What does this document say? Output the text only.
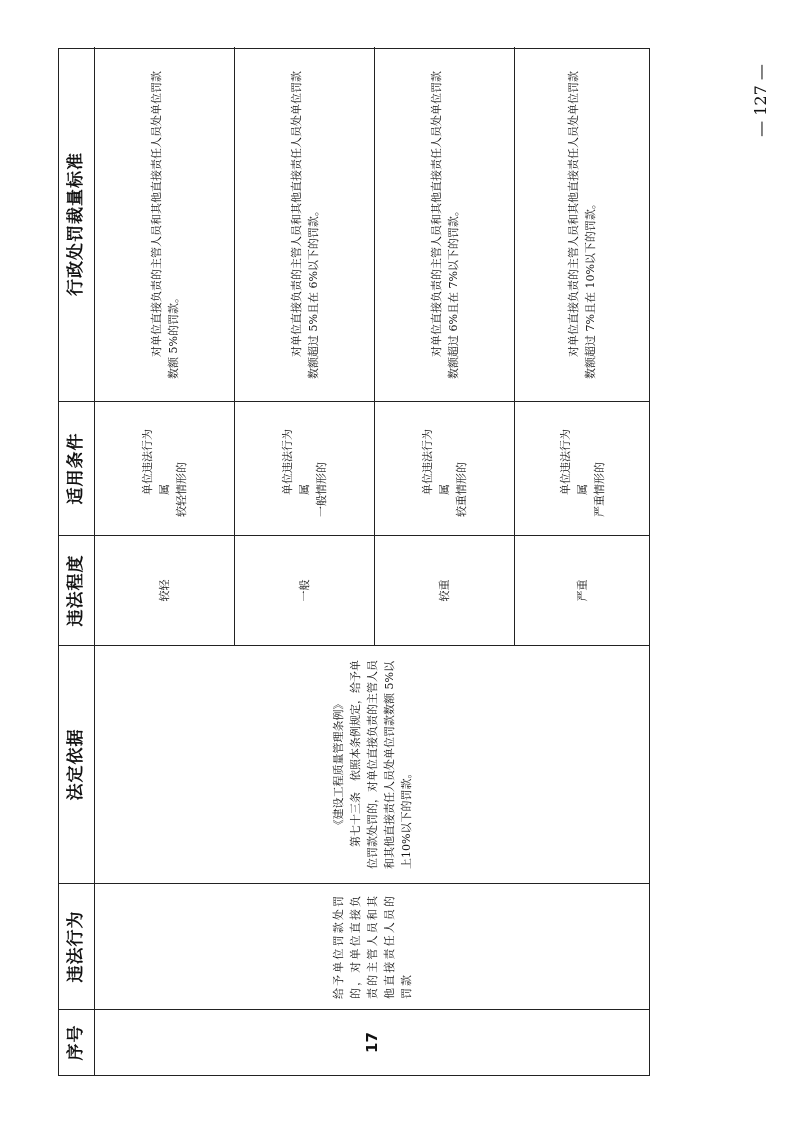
— 127 —
序号
违法行为
法定依据
违法程度
适用条件
行政处罚裁量标准
17
给予单位罚款处罚的，对单位直接负责的主管人员和其他直接责任人员的罚款

《建设工程质量管理条例》 第七十三条　依照本条例规定，给予单位罚款处罚的，对单位直接负责的主管人员和其他直接责任人员处单位罚款数额 5%以上10%以下的罚款。

较轻
单位违法行为属 较轻情形的

对单位直接负责的主管人员和其他直接责任人员处单位罚款数额 5%的罚款。

一般
单位违法行为属 一般情形的

对单位直接负责的主管人员和其他直接责任人员处单位罚款数额超过 5%且在 6%以下的罚款。

较重
单位违法行为属 较重情形的

对单位直接负责的主管人员和其他直接责任人员处单位罚款数额超过 6%且在 7%以下的罚款。

严重
单位违法行为属 严重情形的

对单位直接负责的主管人员和其他直接责任人员处单位罚款数额超过 7%且在 10%以下的罚款。
